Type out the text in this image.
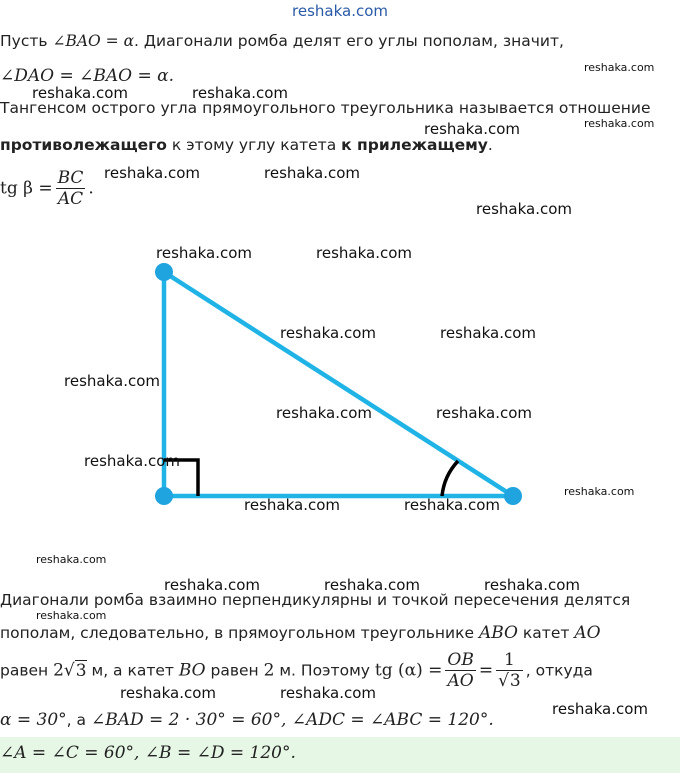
reshaka.com
Пусть ∠BAO = α. Диагонали ромба делят его углы пополам, значит,
∠DAO = ∠BAO = α.
Тангенсом острого угла прямоугольного треугольника называется отношение
противолежащего к этому углу катета к прилежащему.
tg $\beta = \frac{BC}{AC}$ .
Диагонали ромба взаимно перпендикулярны и точкой пересечения делятся
пополам, следовательно, в прямоугольном треугольнике ABO катет AO
равен 2√3 м, а катет BO равен 2 м. Поэтому tg $(\alpha) = \frac{OB}{AO} = \frac{1}{√3}$ , откуда
α = 30°, а ∠BAD = 2 · 30° = 60°, ∠ADC = ∠ABC = 120°.
∠A = ∠C = 60°, ∠B = ∠D = 120°.
reshaka.com
reshaka.com	reshaka.com
reshaka.com
reshaka.com
reshaka.com	reshaka.com
reshaka.com
reshaka.com	reshaka.com
reshaka.com	reshaka.com
reshaka.com
reshaka.com	reshaka.com
reshaka.com
reshaka.com
reshaka.com	reshaka.com
reshaka.com
reshaka.com	reshaka.com	reshaka.com
reshaka.com
reshaka.com	reshaka.com
reshaka.com
